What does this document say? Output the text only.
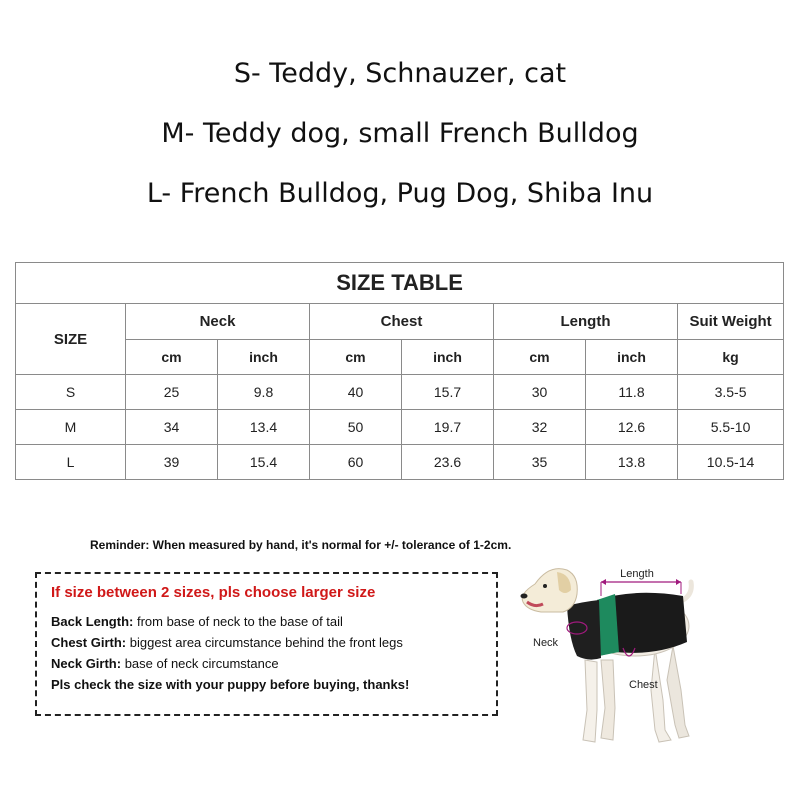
S- Teddy, Schnauzer, cat
M- Teddy dog, small French Bulldog
L- French Bulldog, Pug Dog, Shiba Inu
SIZE TABLE							
SIZE	Neck		Chest		Length		Suit Weight
	cm	inch	cm	inch	cm	inch	kg
S	25	9.8	40	15.7	30	11.8	3.5-5
M	34	13.4	50	19.7	32	12.6	5.5-10
L	39	15.4	60	23.6	35	13.8	10.5-14
Reminder: When measured by hand, it's normal for +/- tolerance of 1-2cm.
If size between 2 sizes, pls choose larger size
Back Length: from base of neck to the base of tail
Chest Girth: biggest area circumstance behind the front legs
Neck Girth: base of neck circumstance
Pls check the size with your puppy before buying, thanks!
Length
Neck
Chest
